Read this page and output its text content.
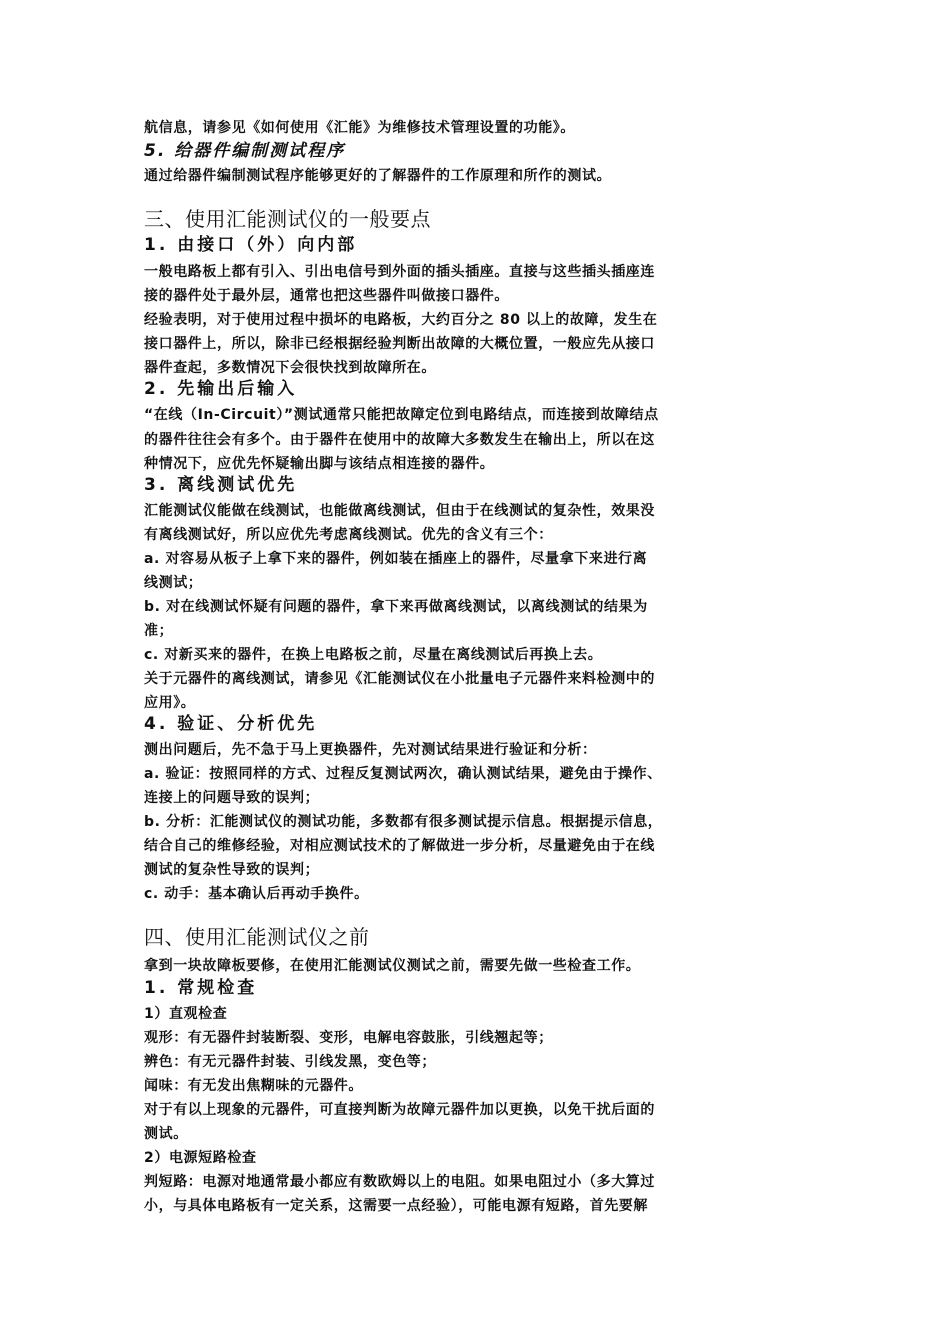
航信息，请参见《如何使用《汇能》为维修技术管理设置的功能》。
5. 给器件编制测试程序
通过给器件编制测试程序能够更好的了解器件的工作原理和所作的测试。
三、使用汇能测试仪的一般要点
1. 由接口（外）向内部
一般电路板上都有引入、引出电信号到外面的插头插座。直接与这些插头插座连
接的器件处于最外层，通常也把这些器件叫做接口器件。
经验表明，对于使用过程中损坏的电路板，大约百分之 80 以上的故障，发生在
接口器件上，所以，除非已经根据经验判断出故障的大概位置，一般应先从接口
器件查起，多数情况下会很快找到故障所在。
2. 先输出后输入
“在线（In-Circuit）”测试通常只能把故障定位到电路结点，而连接到故障结点
的器件往往会有多个。由于器件在使用中的故障大多数发生在输出上，所以在这
种情况下，应优先怀疑输出脚与该结点相连接的器件。
3. 离线测试优先
汇能测试仪能做在线测试，也能做离线测试，但由于在线测试的复杂性，效果没
有离线测试好，所以应优先考虑离线测试。优先的含义有三个：
a. 对容易从板子上拿下来的器件，例如装在插座上的器件，尽量拿下来进行离
线测试；
b. 对在线测试怀疑有问题的器件，拿下来再做离线测试，以离线测试的结果为
准；
c. 对新买来的器件，在换上电路板之前，尽量在离线测试后再换上去。
关于元器件的离线测试，请参见《汇能测试仪在小批量电子元器件来料检测中的
应用》。
4. 验证、分析优先
测出问题后，先不急于马上更换器件，先对测试结果进行验证和分析：
a. 验证：按照同样的方式、过程反复测试两次，确认测试结果，避免由于操作、
连接上的问题导致的误判；
b. 分析：汇能测试仪的测试功能，多数都有很多测试提示信息。根据提示信息，
结合自己的维修经验，对相应测试技术的了解做进一步分析，尽量避免由于在线
测试的复杂性导致的误判；
c. 动手：基本确认后再动手换件。
四、使用汇能测试仪之前
拿到一块故障板要修，在使用汇能测试仪测试之前，需要先做一些检查工作。
1. 常规检查
1）直观检查
观形：有无器件封装断裂、变形，电解电容鼓胀，引线翘起等；
辨色：有无元器件封装、引线发黑，变色等；
闻味：有无发出焦糊味的元器件。
对于有以上现象的元器件，可直接判断为故障元器件加以更换，以免干扰后面的
测试。
2）电源短路检查
判短路：电源对地通常最小都应有数欧姆以上的电阻。如果电阻过小（多大算过
小，与具体电路板有一定关系，这需要一点经验），可能电源有短路，首先要解
